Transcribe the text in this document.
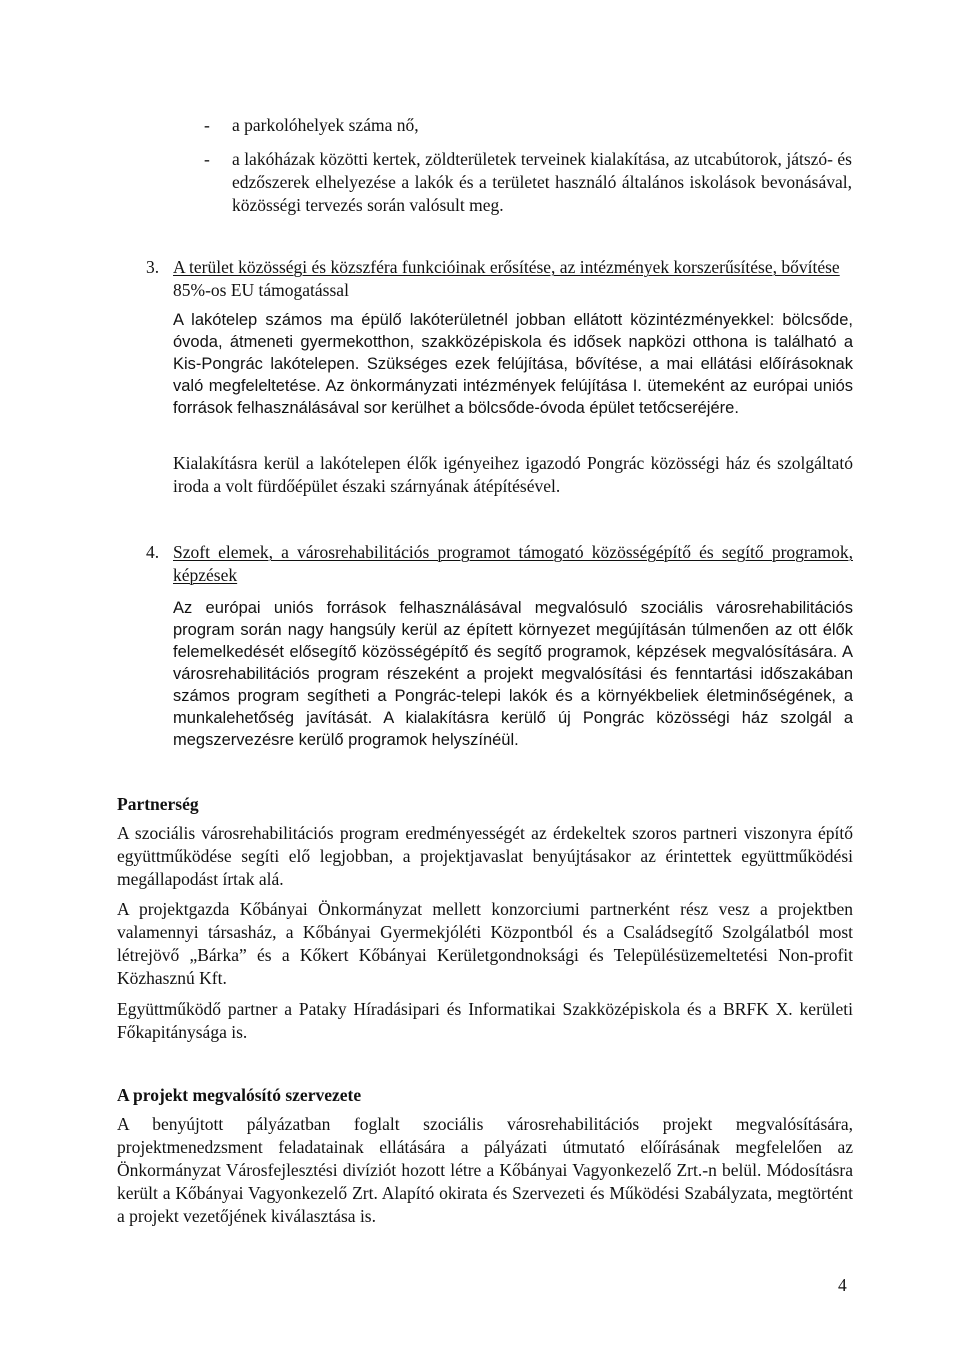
- a parkolóhelyek száma nő,
- a lakóházak közötti kertek, zöldterületek terveinek kialakítása, az utcabútorok, játszó- és edzőszerek elhelyezése a lakók és a területet használó általános iskolások bevonásával, közösségi tervezés során valósult meg.
3. A terület közösségi és közszféra funkcióinak erősítése, az intézmények korszerűsítése, bővítése 85%-os EU támogatással
A lakótelep számos ma épülő lakóterületnél jobban ellátott közintézményekkel: bölcsőde, óvoda, átmeneti gyermekotthon, szakközépiskola és idősek napközi otthona is található a Kis-Pongrác lakótelepen. Szükséges ezek felújítása, bővítése, a mai ellátási előírásoknak való megfeleltetése. Az önkormányzati intézmények felújítása I. ütemeként az európai uniós források felhasználásával sor kerülhet a bölcsőde-óvoda épület tetőcseréjére.
Kialakításra kerül a lakótelepen élők igényeihez igazodó Pongrác közösségi ház és szolgáltató iroda a volt fürdőépület északi szárnyának átépítésével.
4. Szoft elemek, a városrehabilitációs programot támogató közösségépítő és segítő programok, képzések
Az európai uniós források felhasználásával megvalósuló szociális városrehabilitációs program során nagy hangsúly kerül az épített környezet megújításán túlmenően az ott élők felemelkedését elősegítő közösségépítő és segítő programok, képzések megvalósítására. A városrehabilitációs program részeként a projekt megvalósítási és fenntartási időszakában számos program segítheti a Pongrác-telepi lakók és a környékbeliek életminőségének, a munkalehetőség javítását. A kialakításra kerülő új Pongrác közösségi ház szolgál a megszervezésre kerülő programok helyszínéül.
Partnerség
A szociális városrehabilitációs program eredményességét az érdekeltek szoros partneri viszonyra építő együttműködése segíti elő legjobban, a projektjavaslat benyújtásakor az érintettek együttműködési megállapodást írtak alá.
A projektgazda Kőbányai Önkormányzat mellett konzorciumi partnerként rész vesz a projektben valamennyi társasház, a Kőbányai Gyermekjóléti Központból és a Családsegítő Szolgálatból most létrejövő „Bárka” és a Kőkert Kőbányai Kerületgondnoksági és Településüzemeltetési Non-profit Közhasznú Kft.
Együttműködő partner a Pataky Híradásipari és Informatikai Szakközépiskola és a BRFK X. kerületi Főkapitánysága is.
A projekt megvalósító szervezete
A benyújtott pályázatban foglalt szociális városrehabilitációs projekt megvalósítására, projektmenedzsment feladatainak ellátására a pályázati útmutató előírásának megfelelően az Önkormányzat Városfejlesztési divíziót hozott létre a Kőbányai Vagyonkezelő Zrt.-n belül. Módosításra került a Kőbányai Vagyonkezelő Zrt. Alapító okirata és Szervezeti és Működési Szabályzata, megtörtént a projekt vezetőjének kiválasztása is.
4
